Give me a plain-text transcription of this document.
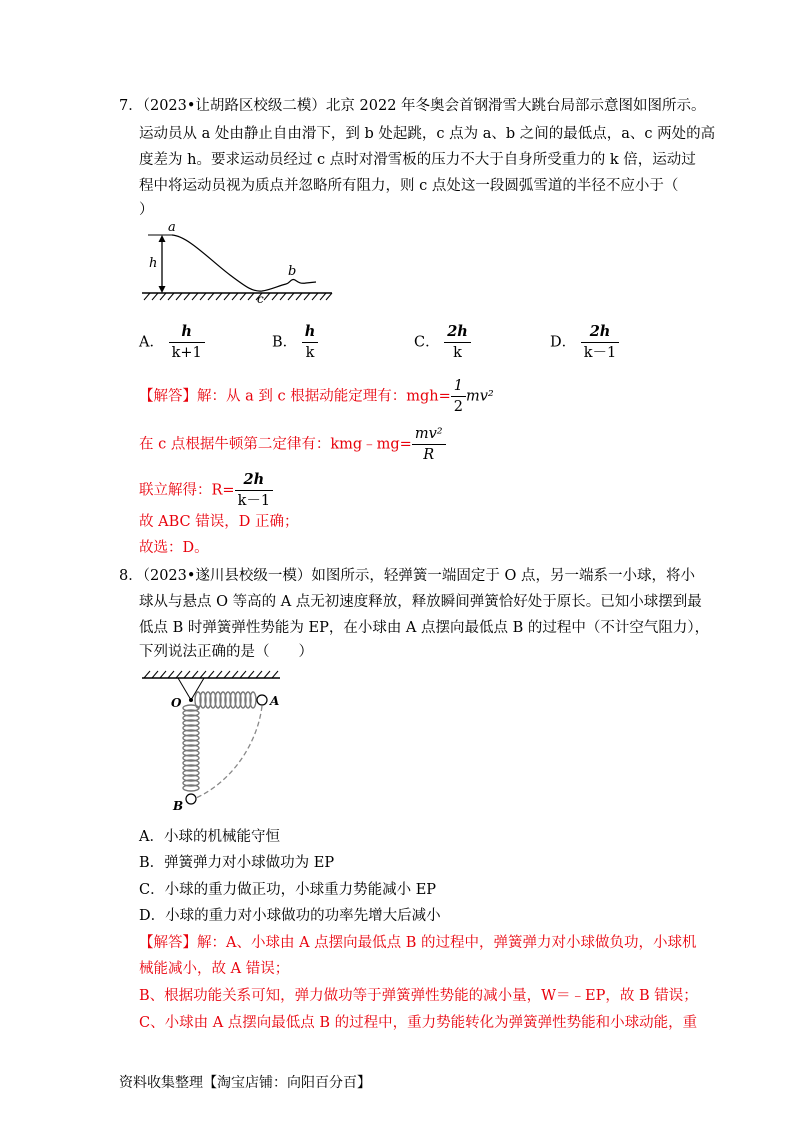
7．（2023•让胡路区校级二模）北京 2022 年冬奥会首钢滑雪大跳台局部示意图如图所示。
运动员从 a 处由静止自由滑下，到 b 处起跳，c 点为 a、b 之间的最低点，a、c 两处的高
度差为 h。要求运动员经过 c 点时对滑雪板的压力不大于自身所受重力的 k 倍，运动过
程中将运动员视为质点并忽略所有阻力，则 c 点处这一段圆弧雪道的半径不应小于（
）
a
h
b
c
A． $\frac{h}{k+1}$	B． $\frac{h}{k}$	C． $\frac{2h}{k}$	D． $\frac{2h}{k-1}$
【解答】解：从 a 到 c 根据动能定理有：$mgh= \frac{1}{2} mv^2$
在 c 点根据牛顿第二定律有：kmg﹣mg= $\frac{\text{mv²}}{R}$
联立解得：$R= \frac{2h}{k-1}$
故 ABC 错误，D 正确；
故选：D。
8．（2023•遂川县校级一模）如图所示，轻弹簧一端固定于 O 点，另一端系一小球，将小
球从与悬点 O 等高的 A 点无初速度释放，释放瞬间弹簧恰好处于原长。已知小球摆到最
低点 B 时弹簧弹性势能为 EP，在小球由 A 点摆向最低点 B 的过程中（不计空气阻力），
下列说法正确的是（　　）
O	A
B
A．小球的机械能守恒
B．弹簧弹力对小球做功为 EP
C．小球的重力做正功，小球重力势能减小 EP
D．小球的重力对小球做功的功率先增大后减小
【解答】解：A、小球由 A 点摆向最低点 B 的过程中，弹簧弹力对小球做负功，小球机
械能减小，故 A 错误；
B、根据功能关系可知，弹力做功等于弹簧弹性势能的减小量，W＝﹣EP，故 B 错误；
C、小球由 A 点摆向最低点 B 的过程中，重力势能转化为弹簧弹性势能和小球动能，重
资料收集整理【淘宝店铺：向阳百分百】
